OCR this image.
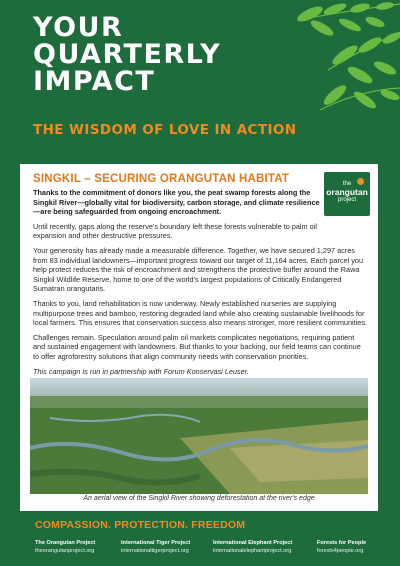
YOUR
QUARTERLY
IMPACT
THE WISDOM OF LOVE IN ACTION
SINGKIL – SECURING ORANGUTAN HABITAT	the
orangutan
project

Thanks to the commitment of donors like you, the peat swamp forests along the Singkil River—globally vital for biodiversity, carbon storage, and climate resilience—are being safeguarded from ongoing encroachment.

Until recently, gaps along the reserve's boundary left these forests vulnerable to palm oil expansion and other destructive pressures.

Your generosity has already made a measurable difference. Together, we have secured 1,297 acres from 83 individual landowners—important progress toward our target of 11,164 acres. Each parcel you help protect reduces the risk of encroachment and strengthens the protective buffer around the Rawa Singkil Wildlife Reserve, home to one of the world's largest populations of Critically Endangered Sumatran orangutans.

Thanks to you, land rehabilitation is now underway. Newly established nurseries are supplying multipurpose trees and bamboo, restoring degraded land while also creating sustainable livelihoods for local farmers. This ensures that conservation success also means stronger, more resilient communities.

Challenges remain. Speculation around palm oil markets complicates negotiations, requiring patient and sustained engagement with landowners. But thanks to your backing, our field teams can continue to offer agroforestry solutions that align community needs with conservation priorities.

This campaign is run in partnership with Forum Konservasi Leuser.

An aerial view of the Singkil River showing deforestation at the river's edge
COMPASSION. PROTECTION. FREEDOM
The Orangutan Project
theorangutanproject.org
International Tiger Project
internationaltigerproject.org
International Elephant Project
internationalelephantproject.org
Forests for People
forests4people.org
